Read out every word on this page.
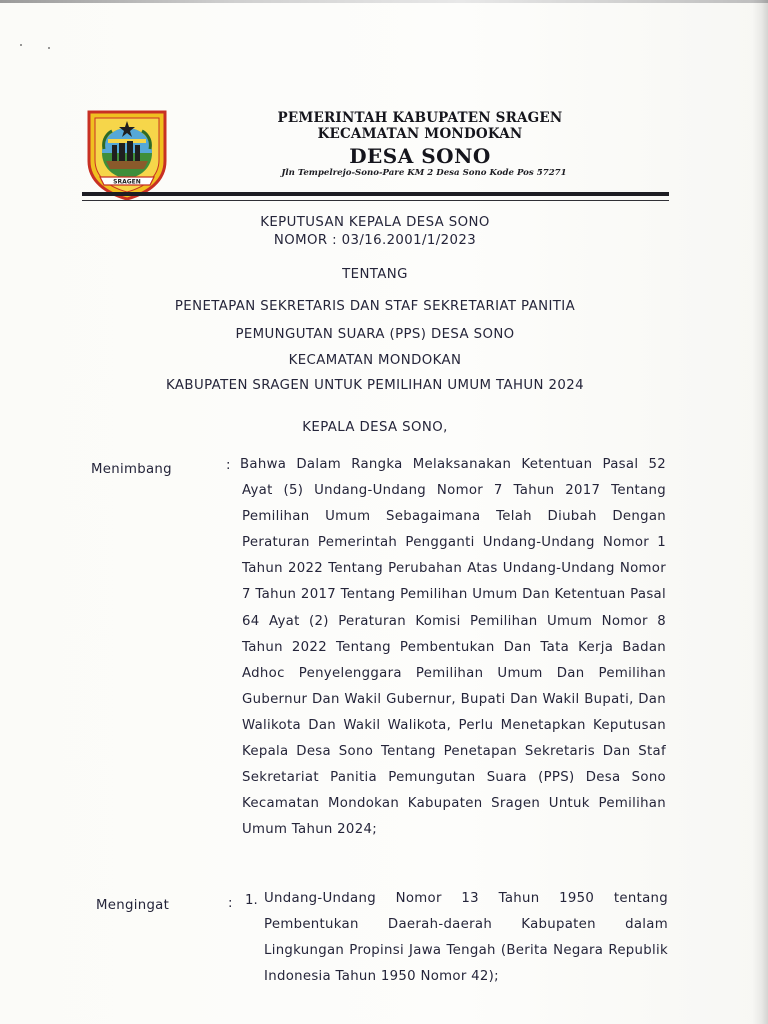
SRAGEN
PEMERINTAH KABUPATEN SRAGEN
KECAMATAN MONDOKAN
DESA SONO
Jln Tempelrejo-Sono-Pare KM 2 Desa Sono Kode Pos 57271
KEPUTUSAN KEPALA DESA SONO
NOMOR : 03/16.2001/1/2023
TENTANG
PENETAPAN SEKRETARIS DAN STAF SEKRETARIAT PANITIA
PEMUNGUTAN SUARA (PPS) DESA SONO
KECAMATAN MONDOKAN
KABUPATEN SRAGEN UNTUK PEMILIHAN UMUM TAHUN 2024
KEPALA DESA SONO,
Menimbang	: Bahwa Dalam Rangka Melaksanakan Ketentuan Pasal 52 Ayat (5) Undang-Undang Nomor 7 Tahun 2017 Tentang Pemilihan Umum Sebagaimana Telah Diubah Dengan Peraturan Pemerintah Pengganti Undang-Undang Nomor 1 Tahun 2022 Tentang Perubahan Atas Undang-Undang Nomor 7 Tahun 2017 Tentang Pemilihan Umum Dan Ketentuan Pasal 64 Ayat (2) Peraturan Komisi Pemilihan Umum Nomor 8 Tahun 2022 Tentang Pembentukan Dan Tata Kerja Badan Adhoc Penyelenggara Pemilihan Umum Dan Pemilihan Gubernur Dan Wakil Gubernur, Bupati Dan Wakil Bupati, Dan Walikota Dan Wakil Walikota, Perlu Menetapkan Keputusan Kepala Desa Sono Tentang Penetapan Sekretaris Dan Staf Sekretariat Panitia Pemungutan Suara (PPS) Desa Sono Kecamatan Mondokan Kabupaten Sragen Untuk Pemilihan Umum Tahun 2024;
Mengingat	: 1. Undang-Undang Nomor 13 Tahun 1950 tentang Pembentukan Daerah-daerah Kabupaten dalam Lingkungan Propinsi Jawa Tengah (Berita Negara Republik Indonesia Tahun 1950 Nomor 42);
